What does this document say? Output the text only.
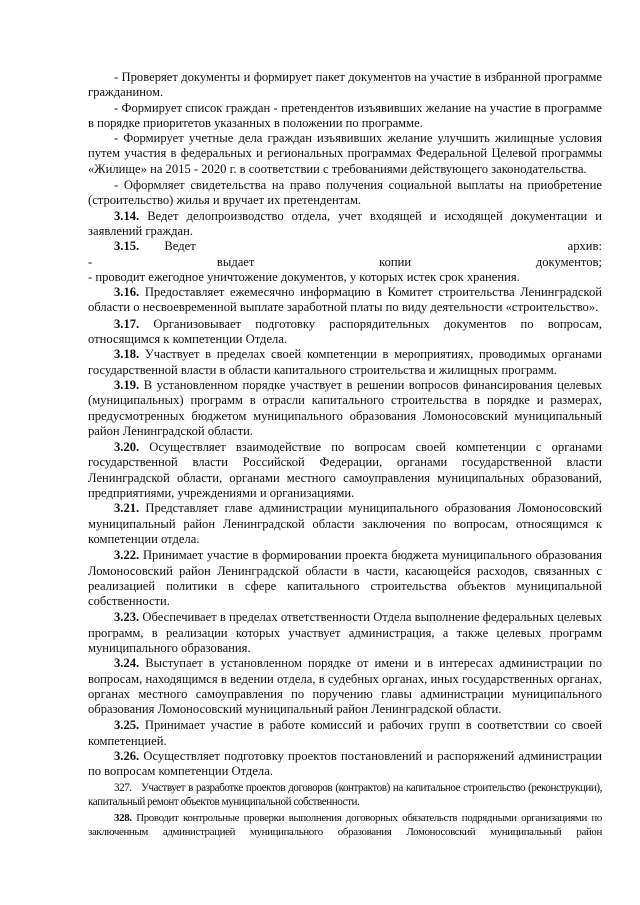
- Проверяет документы и формирует пакет документов на участие в избранной программе гражданином.

- Формирует список граждан - претендентов изъявивших желание на участие в программе в порядке приоритетов указанных в положении по программе.

- Формирует учетные дела граждан изъявивших желание улучшить жилищные условия путем участия в федеральных и региональных программах Федеральной Целевой программы «Жилище» на 2015 - 2020 г. в соответствии с требованиями действующего законодательства.

- Оформляет свидетельства на право получения социальной выплаты на приобретение (строительство) жилья и вручает их претендентам.

3.14. Ведет делопроизводство отдела, учет входящей и исходящей документации и заявлений граждан.

3.15. Ведет	архив:
-	выдает	копии	документов;

- проводит ежегодное уничтожение документов, у которых истек срок хранения.

3.16. Предоставляет ежемесячно информацию в Комитет строительства Ленинградской области о несвоевременной выплате заработной платы по виду деятельности «строительство».

3.17. Организовывает подготовку распорядительных документов по вопросам, относящимся к компетенции Отдела.

3.18. Участвует в пределах своей компетенции в мероприятиях, проводимых органами государственной власти в области капитального строительства и жилищных программ.

3.19. В установленном порядке участвует в решении вопросов финансирования целевых (муниципальных) программ в отрасли капитального строительства в порядке и размерах, предусмотренных бюджетом муниципального образования Ломоносовский муниципальный район Ленинградской области.

3.20. Осуществляет взаимодействие по вопросам своей компетенции с органами государственной власти Российской Федерации, органами государственной власти Ленинградской области, органами местного самоуправления муниципальных образований, предприятиями, учреждениями и организациями.

3.21. Представляет главе администрации муниципального образования Ломоносовский муниципальный район Ленинградской области заключения по вопросам, относящимся к компетенции отдела.

3.22. Принимает участие в формировании проекта бюджета муниципального образования Ломоносовский район Ленинградской области в части, касающейся расходов, связанных с реализацией политики в сфере капитального строительства объектов муниципальной собственности.

3.23. Обеспечивает в пределах ответственности Отдела выполнение федеральных целевых программ, в реализации которых участвует администрация, а также целевых программ муниципального образования.

3.24. Выступает в установленном порядке от имени и в интересах администрации по вопросам, находящимся в ведении отдела, в судебных органах, иных государственных органах, органах местного самоуправления по поручению главы администрации муниципального образования Ломоносовский муниципальный район Ленинградской области.

3.25. Принимает участие в работе комиссий и рабочих групп в соответствии со своей компетенцией.

3.26. Осуществляет подготовку проектов постановлений и распоряжений администрации по вопросам компетенции Отдела.

327. Участвует в разработке проектов договоров (контрактов) на капитальное строительство (реконструкции), капитальный ремонт объектов муниципальной собственности.

328. Проводит контрольные проверки выполнения договорных обязательств подрядными организациями по заключенным администрацией муниципального образования Ломоносовский муниципальный район
